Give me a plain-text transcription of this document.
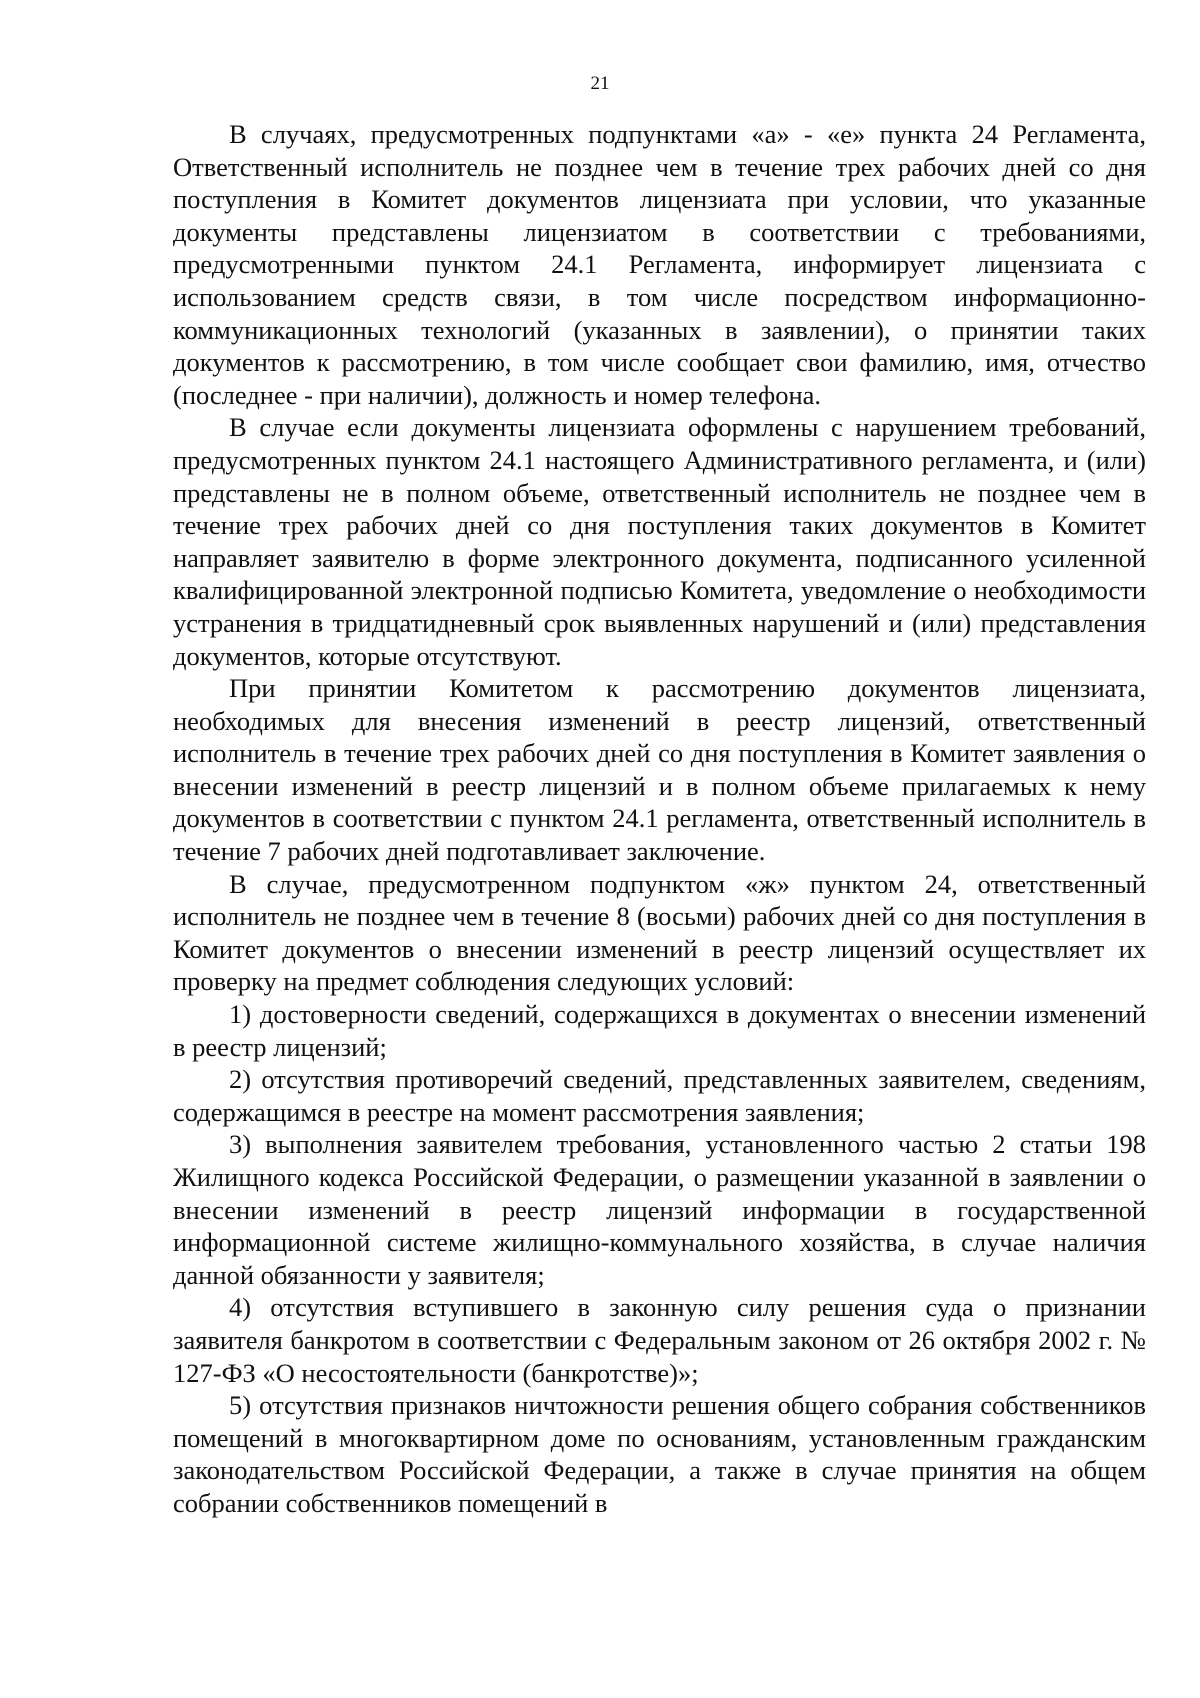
21

В случаях, предусмотренных подпунктами «а» - «е» пункта 24 Регламента, Ответственный исполнитель не позднее чем в течение трех рабочих дней со дня поступления в Комитет документов лицензиата при условии, что указанные документы представлены лицензиатом в соответствии с требованиями, предусмотренными пунктом 24.1 Регламента, информирует лицензиата с использованием средств связи, в том числе посредством информационно-коммуникационных технологий (указанных в заявлении), о принятии таких документов к рассмотрению, в том числе сообщает свои фамилию, имя, отчество (последнее - при наличии), должность и номер телефона.

В случае если документы лицензиата оформлены с нарушением требований, предусмотренных пунктом 24.1 настоящего Административного регламента, и (или) представлены не в полном объеме, ответственный исполнитель не позднее чем в течение трех рабочих дней со дня поступления таких документов в Комитет направляет заявителю в форме электронного документа, подписанного усиленной квалифицированной электронной подписью Комитета, уведомление о необходимости устранения в тридцатидневный срок выявленных нарушений и (или) представления документов, которые отсутствуют.

При принятии Комитетом к рассмотрению документов лицензиата, необходимых для внесения изменений в реестр лицензий, ответственный исполнитель в течение трех рабочих дней со дня поступления в Комитет заявления о внесении изменений в реестр лицензий и в полном объеме прилагаемых к нему документов в соответствии с пунктом 24.1 регламента, ответственный исполнитель в течение 7 рабочих дней подготавливает заключение.

В случае, предусмотренном подпунктом «ж» пунктом 24, ответственный исполнитель не позднее чем в течение 8 (восьми) рабочих дней со дня поступления в Комитет документов о внесении изменений в реестр лицензий осуществляет их проверку на предмет соблюдения следующих условий:

1) достоверности сведений, содержащихся в документах о внесении изменений в реестр лицензий;

2) отсутствия противоречий сведений, представленных заявителем, сведениям, содержащимся в реестре на момент рассмотрения заявления;

3) выполнения заявителем требования, установленного частью 2 статьи 198 Жилищного кодекса Российской Федерации, о размещении указанной в заявлении о внесении изменений в реестр лицензий информации в государственной информационной системе жилищно-коммунального хозяйства, в случае наличия данной обязанности у заявителя;

4) отсутствия вступившего в законную силу решения суда о признании заявителя банкротом в соответствии с Федеральным законом от 26 октября 2002 г. № 127-ФЗ «О несостоятельности (банкротстве)»;

5) отсутствия признаков ничтожности решения общего собрания собственников помещений в многоквартирном доме по основаниям, установленным гражданским законодательством Российской Федерации, а также в случае принятия на общем собрании собственников помещений в
